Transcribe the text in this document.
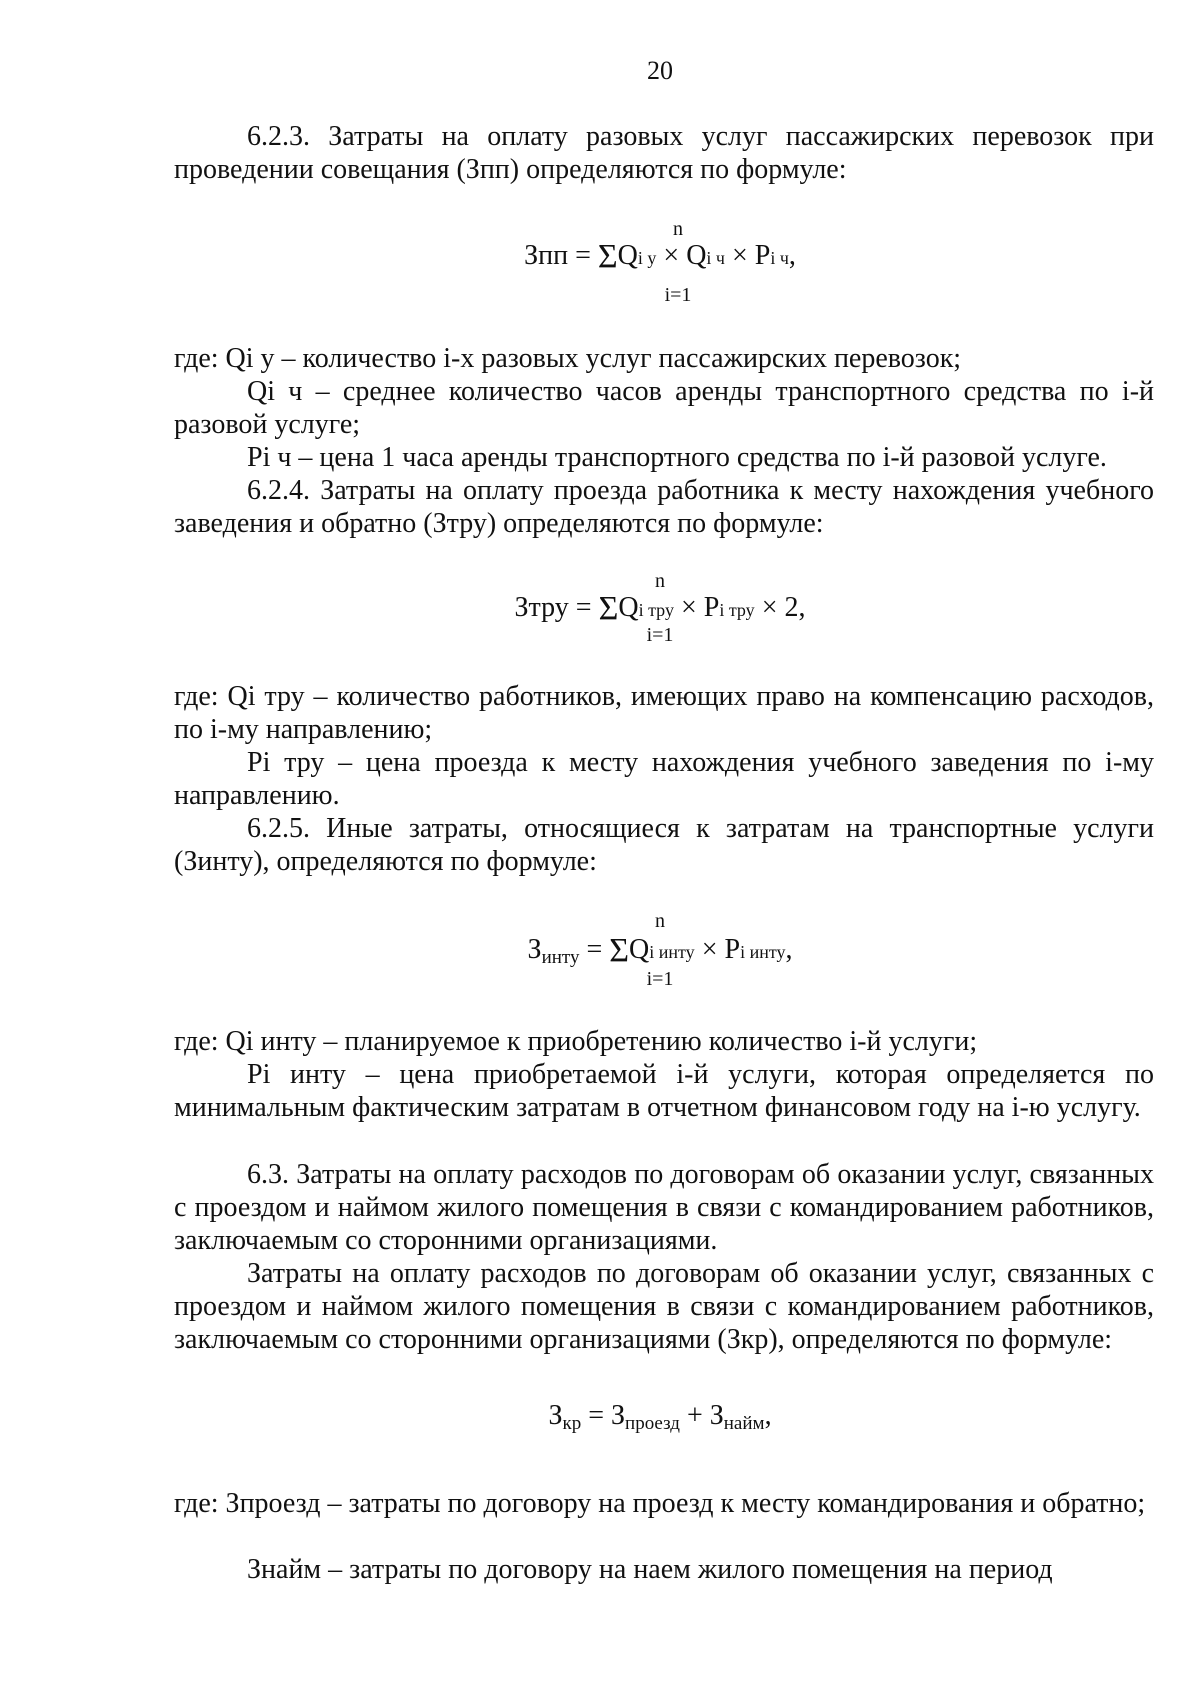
20
6.2.3. Затраты на оплату разовых услуг пассажирских перевозок при проведении совещания (Зпп) определяются по формуле:
n
Зпп = ΣQi у × Qi ч × Pi ч,
i=1
где: Qi у – количество i-х разовых услуг пассажирских перевозок;
Qi ч – среднее количество часов аренды транспортного средства по i-й разовой услуге;
Pi ч – цена 1 часа аренды транспортного средства по i-й разовой услуге.
6.2.4. Затраты на оплату проезда работника к месту нахождения учебного заведения и обратно (Зтру) определяются по формуле:
n
Зтру = ΣQi тру × Pi тру × 2,
i=1
где: Qi тру – количество работников, имеющих право на компенсацию расходов, по i-му направлению;
Pi тру – цена проезда к месту нахождения учебного заведения по i-му направлению.
6.2.5. Иные затраты, относящиеся к затратам на транспортные услуги (Зинту), определяются по формуле:
n
Зинту = ΣQi инту × Pi инту,
i=1
где: Qi инту – планируемое к приобретению количество i-й услуги;
Pi инту – цена приобретаемой i-й услуги, которая определяется по минимальным фактическим затратам в отчетном финансовом году на i-ю услугу.
6.3. Затраты на оплату расходов по договорам об оказании услуг, связанных с проездом и наймом жилого помещения в связи с командированием работников, заключаемым со сторонними организациями.
Затраты на оплату расходов по договорам об оказании услуг, связанных с проездом и наймом жилого помещения в связи с командированием работников, заключаемым со сторонними организациями (Зкр), определяются по формуле:
Зкр = Зпроезд + Знайм,
где: Зпроезд – затраты по договору на проезд к месту командирования и обратно;
Знайм – затраты по договору на наем жилого помещения на период
